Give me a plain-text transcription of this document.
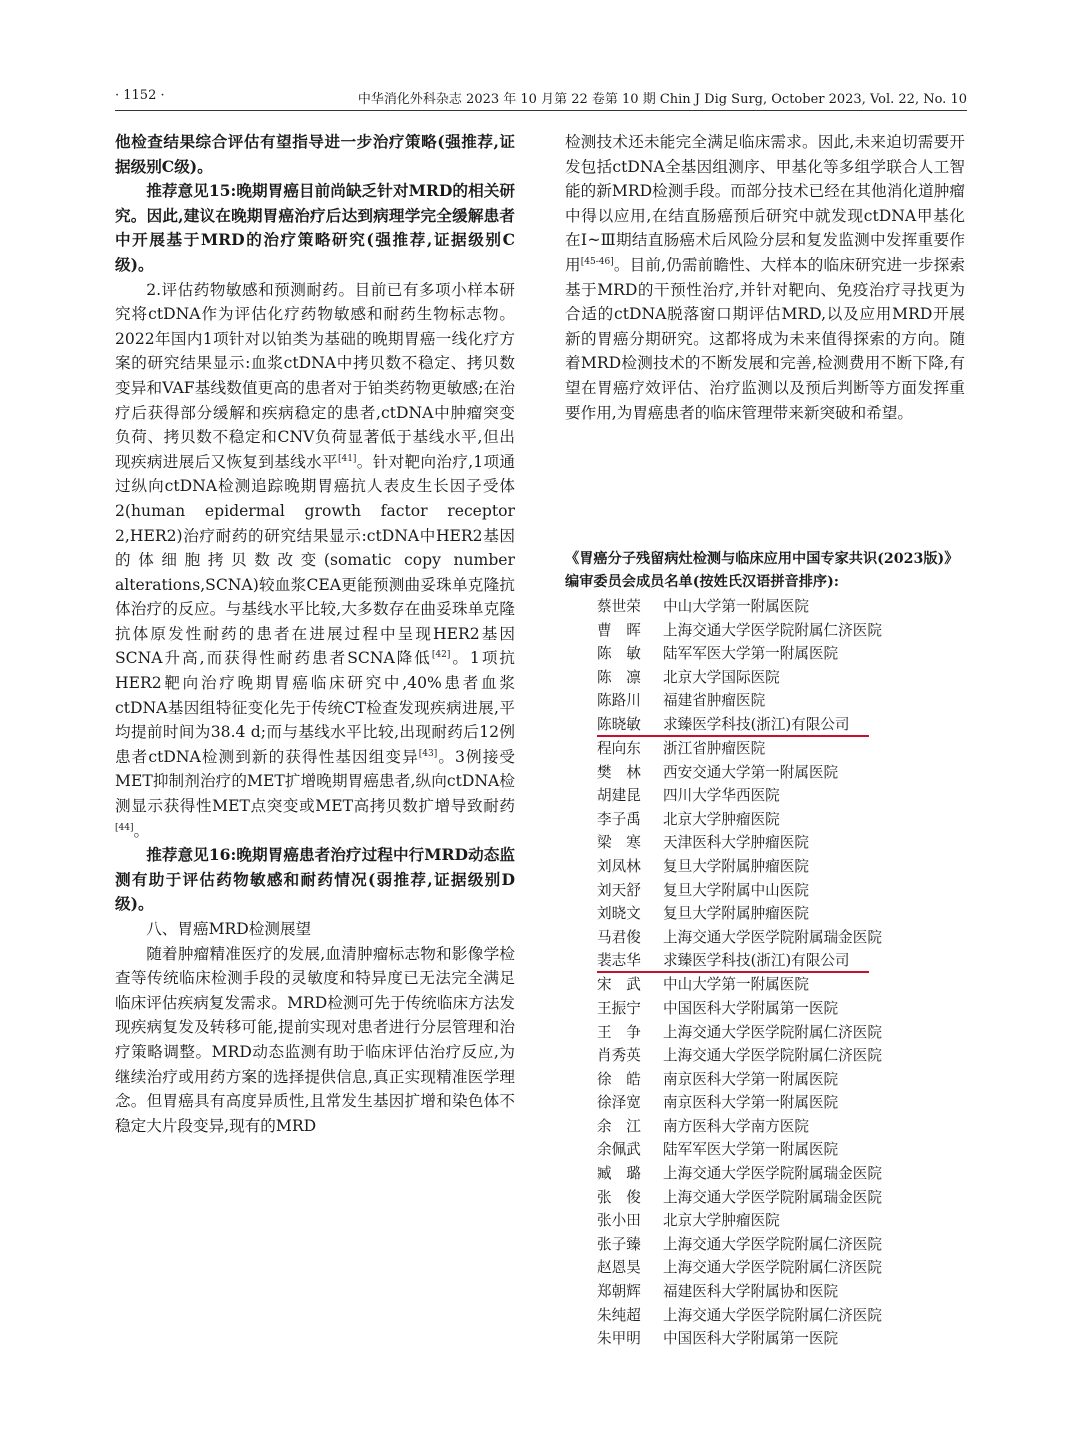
· 1152 ·	中华消化外科杂志 2023 年 10 月第 22 卷第 10 期 Chin J Dig Surg, October 2023, Vol. 22, No. 10

他检查结果综合评估有望指导进一步治疗策略(强推荐,证据级别C级)。

推荐意见15:晚期胃癌目前尚缺乏针对MRD的相关研究。因此,建议在晚期胃癌治疗后达到病理学完全缓解患者中开展基于MRD的治疗策略研究(强推荐,证据级别C级)。

2.评估药物敏感和预测耐药。目前已有多项小样本研究将ctDNA作为评估化疗药物敏感和耐药生物标志物。2022年国内1项针对以铂类为基础的晚期胃癌一线化疗方案的研究结果显示:血浆ctDNA中拷贝数不稳定、拷贝数变异和VAF基线数值更高的患者对于铂类药物更敏感;在治疗后获得部分缓解和疾病稳定的患者,ctDNA中肿瘤突变负荷、拷贝数不稳定和CNV负荷显著低于基线水平,但出现疾病进展后又恢复到基线水平[41]。针对靶向治疗,1项通过纵向ctDNA检测追踪晚期胃癌抗人表皮生长因子受体2(human epidermal growth factor receptor 2,HER2)治疗耐药的研究结果显示:ctDNA中HER2基因的体细胞拷贝数改变(somatic copy number alterations,SCNA)较血浆CEA更能预测曲妥珠单克隆抗体治疗的反应。与基线水平比较,大多数存在曲妥珠单克隆抗体原发性耐药的患者在进展过程中呈现HER2基因SCNA升高,而获得性耐药患者SCNA降低[42]。1项抗HER2靶向治疗晚期胃癌临床研究中,40%患者血浆ctDNA基因组特征变化先于传统CT检查发现疾病进展,平均提前时间为38.4 d;而与基线水平比较,出现耐药后12例患者ctDNA检测到新的获得性基因组变异[43]。3例接受MET抑制剂治疗的MET扩增晚期胃癌患者,纵向ctDNA检测显示获得性MET点突变或MET高拷贝数扩增导致耐药[44]。

推荐意见16:晚期胃癌患者治疗过程中行MRD动态监测有助于评估药物敏感和耐药情况(弱推荐,证据级别D级)。

八、胃癌MRD检测展望

随着肿瘤精准医疗的发展,血清肿瘤标志物和影像学检查等传统临床检测手段的灵敏度和特异度已无法完全满足临床评估疾病复发需求。MRD检测可先于传统临床方法发现疾病复发及转移可能,提前实现对患者进行分层管理和治疗策略调整。MRD动态监测有助于临床评估治疗反应,为继续治疗或用药方案的选择提供信息,真正实现精准医学理念。但胃癌具有高度异质性,且常发生基因扩增和染色体不稳定大片段变异,现有的MRD

检测技术还未能完全满足临床需求。因此,未来迫切需要开发包括ctDNA全基因组测序、甲基化等多组学联合人工智能的新MRD检测手段。而部分技术已经在其他消化道肿瘤中得以应用,在结直肠癌预后研究中就发现ctDNA甲基化在Ⅰ~Ⅲ期结直肠癌术后风险分层和复发监测中发挥重要作用[45-46]。目前,仍需前瞻性、大样本的临床研究进一步探索基于MRD的干预性治疗,并针对靶向、免疫治疗寻找更为合适的ctDNA脱落窗口期评估MRD,以及应用MRD开展新的胃癌分期研究。这都将成为未来值得探索的方向。随着MRD检测技术的不断发展和完善,检测费用不断下降,有望在胃癌疗效评估、治疗监测以及预后判断等方面发挥重要作用,为胃癌患者的临床管理带来新突破和希望。

《胃癌分子残留病灶检测与临床应用中国专家共识(2023版)》

编审委员会成员名单(按姓氏汉语拼音排序):

蔡世荣	中山大学第一附属医院
曹　晖	上海交通大学医学院附属仁济医院
陈　敏	陆军军医大学第一附属医院
陈　凛	北京大学国际医院
陈路川	福建省肿瘤医院
陈晓敏	求臻医学科技(浙江)有限公司
程向东	浙江省肿瘤医院
樊　林	西安交通大学第一附属医院
胡建昆	四川大学华西医院
李子禹	北京大学肿瘤医院
梁　寒	天津医科大学肿瘤医院
刘凤林	复旦大学附属肿瘤医院
刘天舒	复旦大学附属中山医院
刘晓文	复旦大学附属肿瘤医院
马君俊	上海交通大学医学院附属瑞金医院
裴志华	求臻医学科技(浙江)有限公司
宋　武	中山大学第一附属医院
王振宁	中国医科大学附属第一医院
王　争	上海交通大学医学院附属仁济医院
肖秀英	上海交通大学医学院附属仁济医院
徐　皓	南京医科大学第一附属医院
徐泽宽	南京医科大学第一附属医院
余　江	南方医科大学南方医院
余佩武	陆军军医大学第一附属医院
臧　璐	上海交通大学医学院附属瑞金医院
张　俊	上海交通大学医学院附属瑞金医院
张小田	北京大学肿瘤医院
张子臻	上海交通大学医学院附属仁济医院
赵恩昊	上海交通大学医学院附属仁济医院
郑朝辉	福建医科大学附属协和医院
朱纯超	上海交通大学医学院附属仁济医院
朱甲明	中国医科大学附属第一医院
